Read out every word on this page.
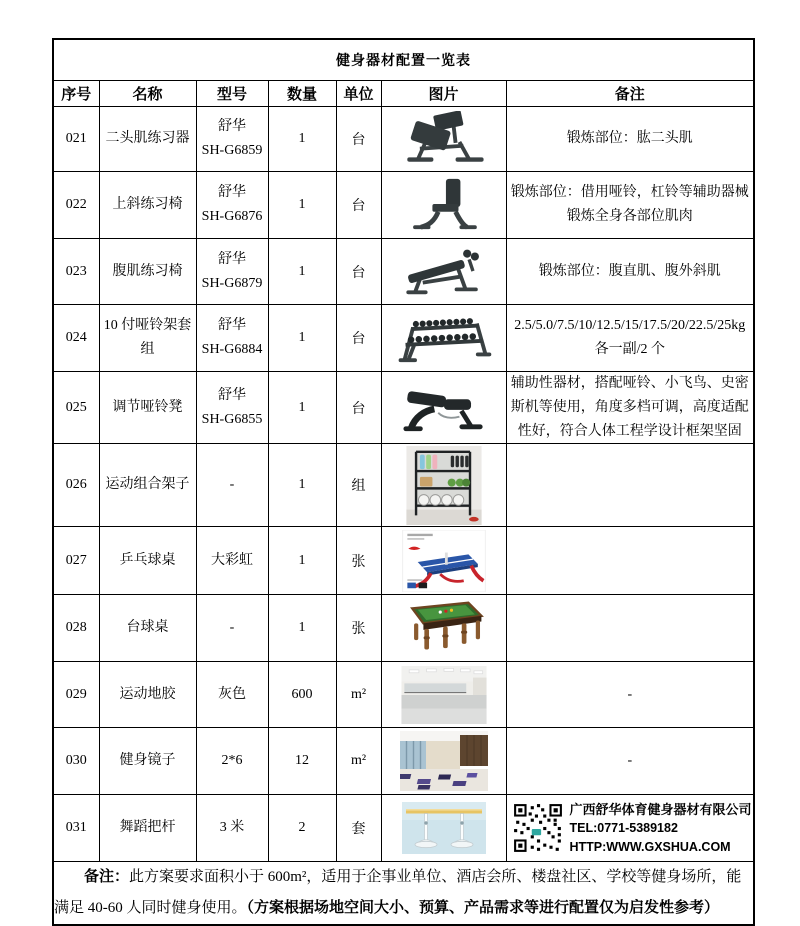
健身器材配置一览表						
序号	名称	型号	数量	单位	图片	备注
021	二头肌练习器	舒华
SH-G6859	1	台		锻炼部位：肱二头肌
022	上斜练习椅	舒华
SH-G6876	1	台		锻炼部位：借用哑铃，杠铃等辅助器械锻炼全身各部位肌肉
023	腹肌练习椅	舒华
SH-G6879	1	台		锻炼部位：腹直肌、腹外斜肌
024	10 付哑铃架套组	舒华
SH-G6884	1	台		2.5/5.0/7.5/10/12.5/15/17.5/20/22.5/25kg 各一副/2 个
025	调节哑铃凳	舒华
SH-G6855	1	台		辅助性器材，搭配哑铃、小飞鸟、史密斯机等使用，角度多档可调，高度适配性好，符合人体工程学设计框架坚固
026	运动组合架子	-	1	组	

027	乒乓球桌	大彩虹	1	张	

028	台球桌	-	1	张	

029	运动地胶	灰色	600	m²		-
030	健身镜子	2*6	12	m²		-
031	舞蹈把杆	3 米	2	套		广西舒华体育健身器材有限公司
TEL:0771-5389182
HTTP:WWW.GXSHUA.COM

备注：此方案要求面积小于 600m²，适用于企事业单位、酒店会所、楼盘社区、学校等健身场所，能满足 40-60 人同时健身使用。（方案根据场地空间大小、预算、产品需求等进行配置仅为启发性参考）						
